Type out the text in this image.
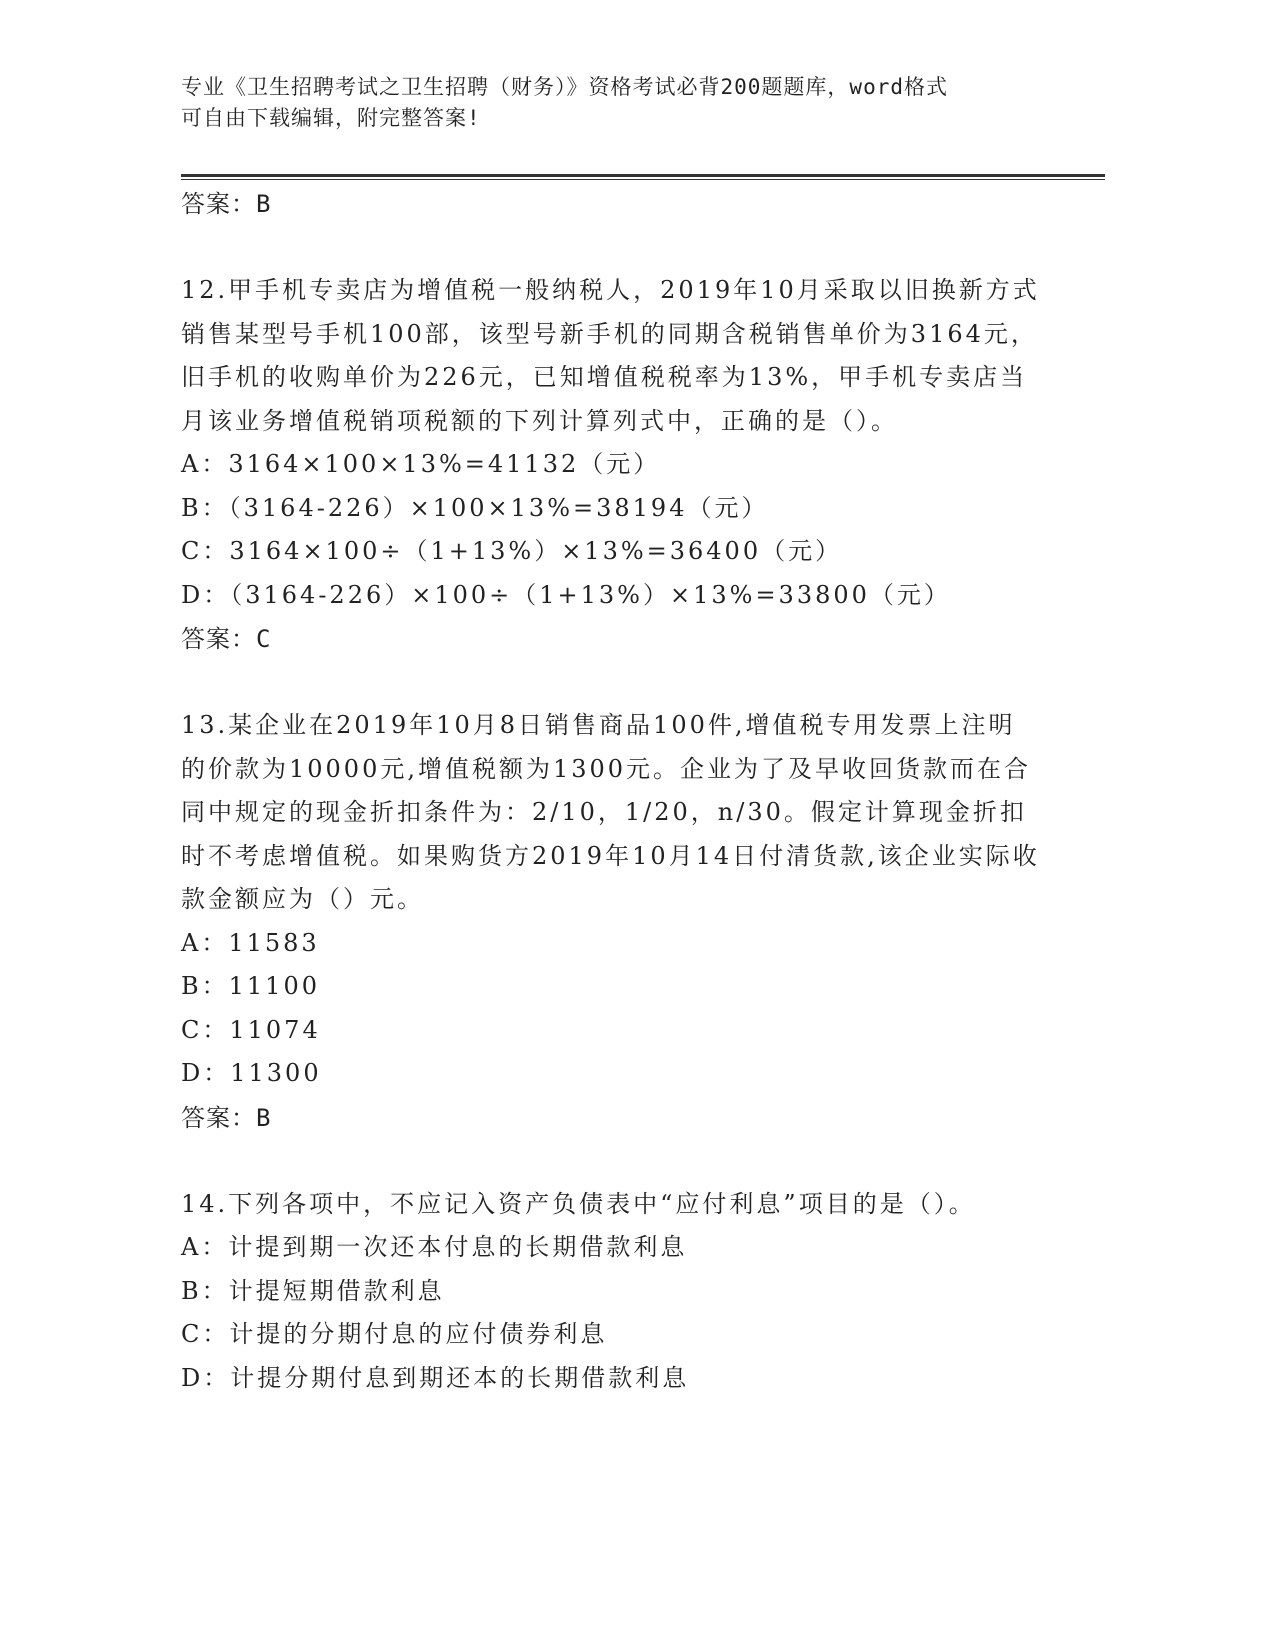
专业《卫生招聘考试之卫生招聘（财务）》资格考试必背200题题库，word格式
可自由下载编辑，附完整答案!
答案：B
12.甲手机专卖店为增值税一般纳税人，2019年10月采取以旧换新方式销售某型号手机100部，该型号新手机的同期含税销售单价为3164元，旧手机的收购单价为226元，已知增值税税率为13%，甲手机专卖店当月该业务增值税销项税额的下列计算列式中，正确的是（）。
A：3164×100×13%=41132（元）
B：（3164-226）×100×13%=38194（元）
C：3164×100÷（1+13%）×13%=36400（元）
D：（3164-226）×100÷（1+13%）×13%=33800（元）
答案：C
13.某企业在2019年10月8日销售商品100件,增值税专用发票上注明的价款为10000元,增值税额为1300元。企业为了及早收回货款而在合同中规定的现金折扣条件为：2/10，1/20，n/30。假定计算现金折扣时不考虑增值税。如果购货方2019年10月14日付清货款,该企业实际收款金额应为（）元。
A：11583
B：11100
C：11074
D：11300
答案：B
14.下列各项中，不应记入资产负债表中“应付利息”项目的是（）。
A：计提到期一次还本付息的长期借款利息
B：计提短期借款利息
C：计提的分期付息的应付债券利息
D：计提分期付息到期还本的长期借款利息
